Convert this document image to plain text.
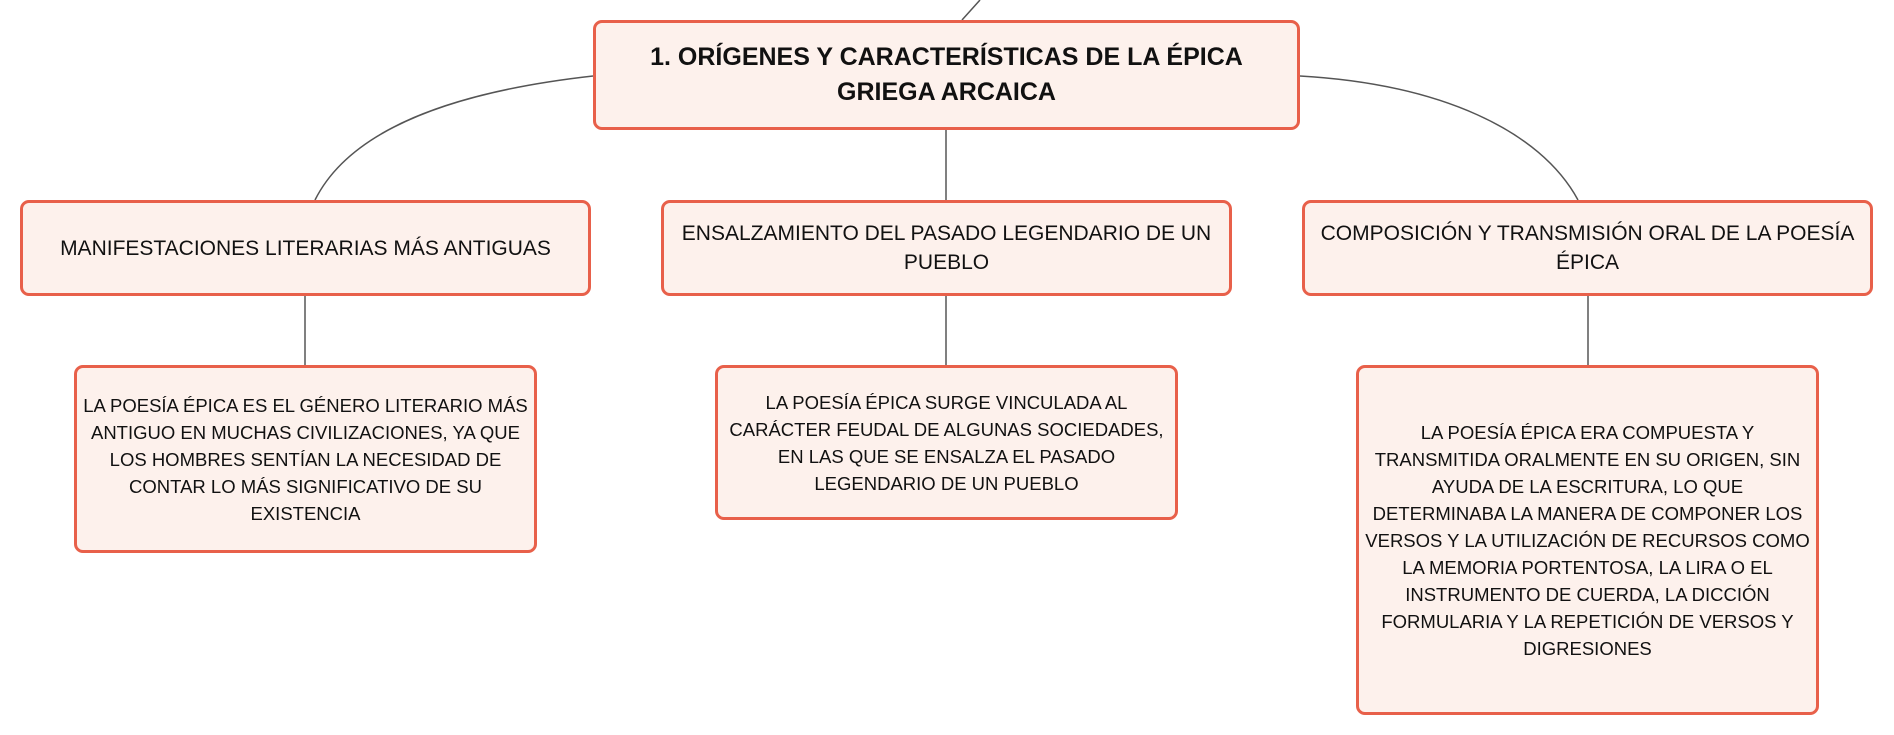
1. ORÍGENES Y CARACTERÍSTICAS DE LA ÉPICA GRIEGA ARCAICA
MANIFESTACIONES LITERARIAS MÁS ANTIGUAS
ENSALZAMIENTO DEL PASADO LEGENDARIO DE UN PUEBLO
COMPOSICIÓN Y TRANSMISIÓN ORAL DE LA POESÍA ÉPICA
LA POESÍA ÉPICA ES EL GÉNERO LITERARIO MÁS ANTIGUO EN MUCHAS CIVILIZACIONES, YA QUE LOS HOMBRES SENTÍAN LA NECESIDAD DE CONTAR LO MÁS SIGNIFICATIVO DE SU EXISTENCIA
LA POESÍA ÉPICA SURGE VINCULADA AL CARÁCTER FEUDAL DE ALGUNAS SOCIEDADES, EN LAS QUE SE ENSALZA EL PASADO LEGENDARIO DE UN PUEBLO
LA POESÍA ÉPICA ERA COMPUESTA Y TRANSMITIDA ORALMENTE EN SU ORIGEN, SIN AYUDA DE LA ESCRITURA, LO QUE DETERMINABA LA MANERA DE COMPONER LOS VERSOS Y LA UTILIZACIÓN DE RECURSOS COMO LA MEMORIA PORTENTOSA, LA LIRA O EL INSTRUMENTO DE CUERDA, LA DICCIÓN FORMULARIA Y LA REPETICIÓN DE VERSOS Y DIGRESIONES
